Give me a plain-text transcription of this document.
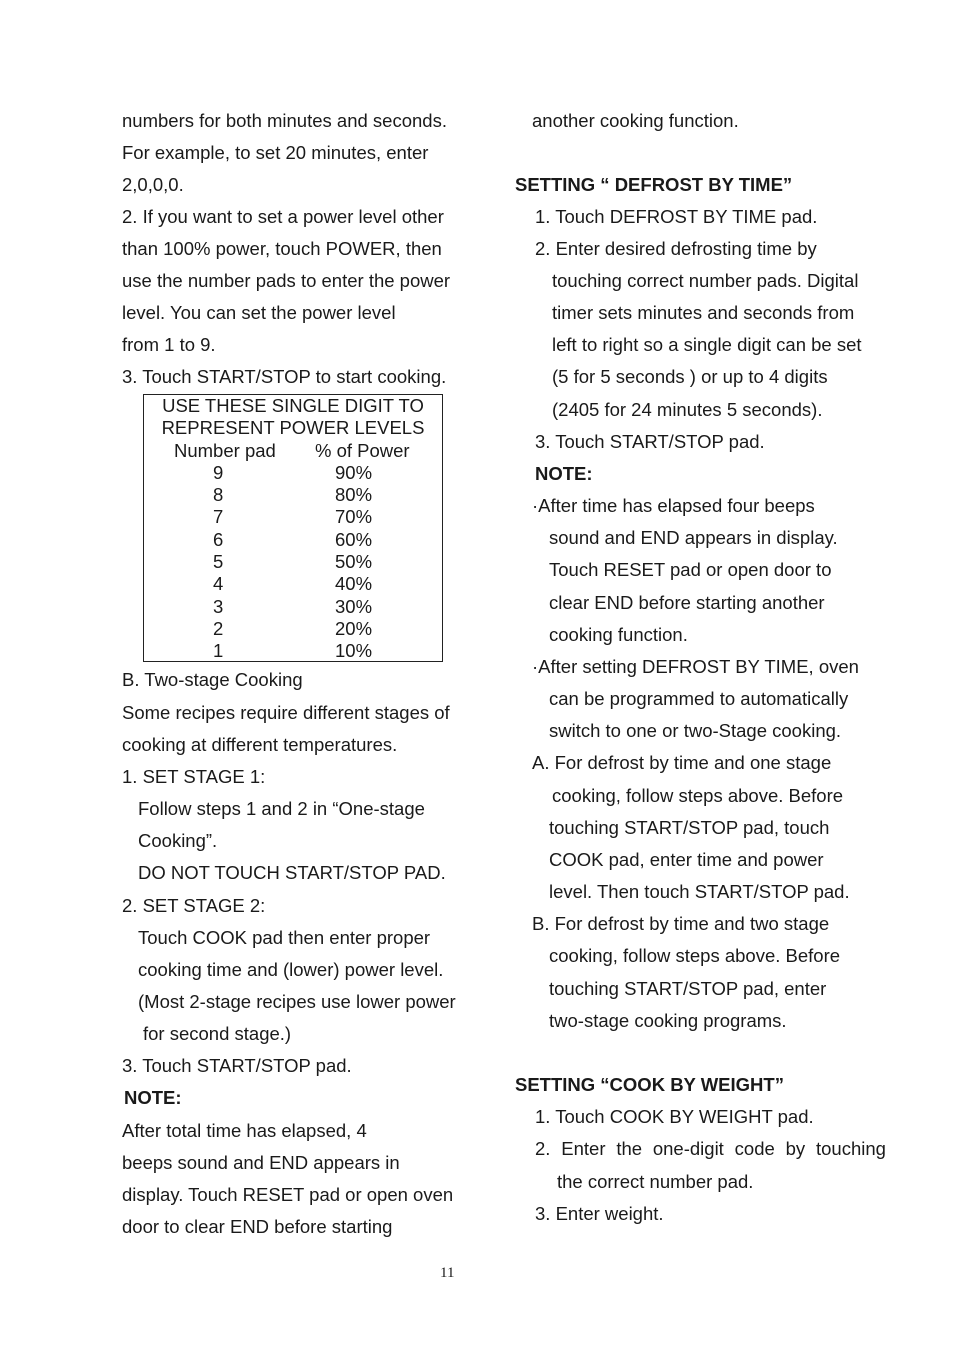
numbers for both minutes and seconds.
For example, to set 20 minutes, enter
2,0,0,0.
2. If you want to set a power level other
than 100% power, touch POWER, then
use the number pads to enter the power
level. You can set the power level
from 1 to 9.
3. Touch START/STOP to start cooking.
USE THESE SINGLE DIGIT TO
REPRESENT POWER LEVELS
Number pad % of Power
9	90%
8	80%
7	70%
6	60%
5	50%
4	40%
3	30%
2	20%
1	10%
B. Two-stage Cooking
Some recipes require different stages of
cooking at different temperatures.
1. SET STAGE 1:
Follow steps 1 and 2 in “One-stage
Cooking”.
DO NOT TOUCH START/STOP PAD.
2. SET STAGE 2:
Touch COOK pad then enter proper
cooking time and (lower) power level.
(Most 2-stage recipes use lower power
for second stage.)
3. Touch START/STOP pad.
NOTE:
After total time has elapsed, 4
beeps sound and END appears in
display. Touch RESET pad or open oven
door to clear END before starting
another cooking function.
SETTING “ DEFROST BY TIME”
1. Touch DEFROST BY TIME pad.
2. Enter desired defrosting time by
touching correct number pads. Digital
timer sets minutes and seconds from
left to right so a single digit can be set
(5 for 5 seconds ) or up to 4 digits
(2405 for 24 minutes 5 seconds).
3. Touch START/STOP pad.
NOTE:
·After time has elapsed four beeps
sound and END appears in display.
Touch RESET pad or open door to
clear END before starting another
cooking function.
·After setting DEFROST BY TIME, oven
can be programmed to automatically
switch to one or two-Stage cooking.
A. For defrost by time and one stage
cooking, follow steps above. Before
touching START/STOP pad, touch
COOK pad, enter time and power
level. Then touch START/STOP pad.
B. For defrost by time and two stage
cooking, follow steps above. Before
touching START/STOP pad, enter
two-stage cooking programs.
SETTING “COOK BY WEIGHT”
1. Touch COOK BY WEIGHT pad.
2. Enter the one-digit code by touching
the correct number pad.
3. Enter weight.
11
